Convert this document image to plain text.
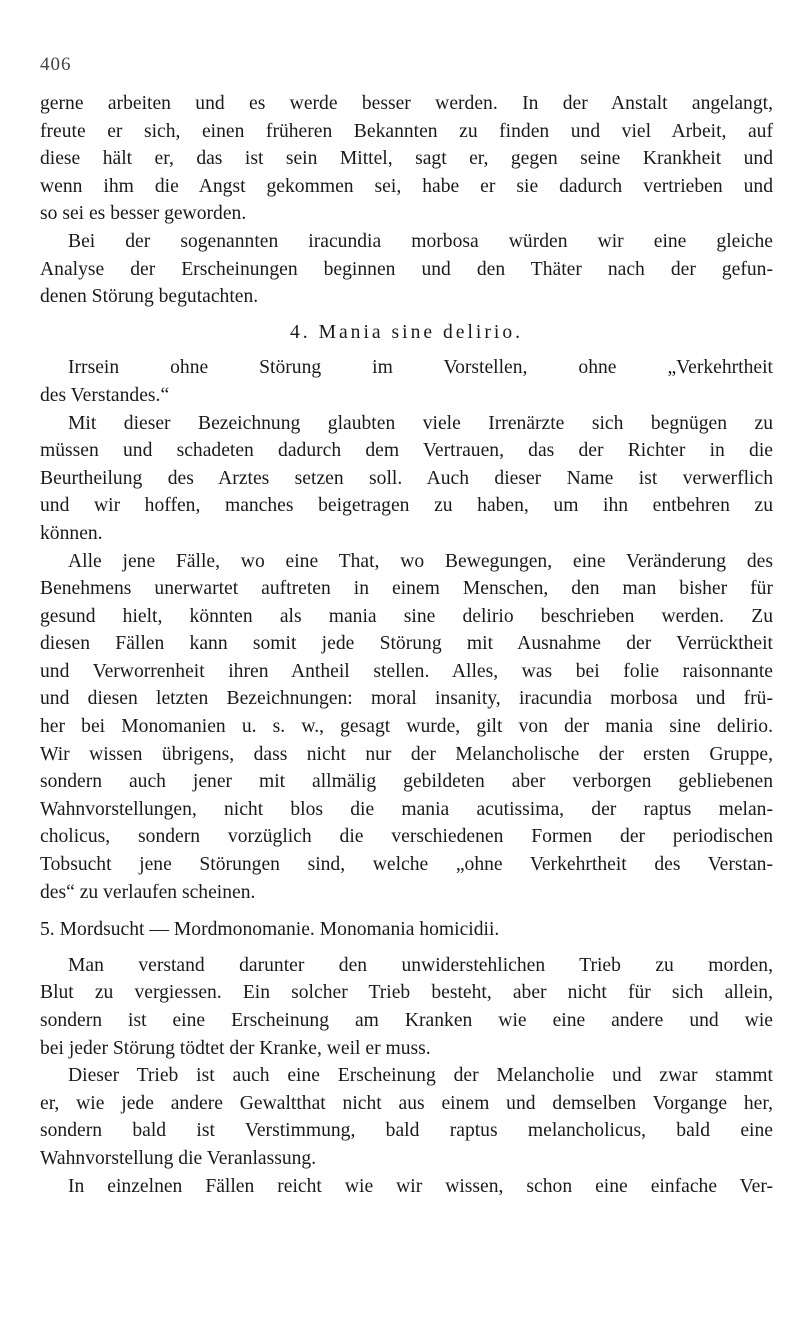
406
gerne arbeiten und es werde besser werden. In der Anstalt angelangt,
freute er sich, einen früheren Bekannten zu finden und viel Arbeit, auf
diese hält er, das ist sein Mittel, sagt er, gegen seine Krankheit und
wenn ihm die Angst gekommen sei, habe er sie dadurch vertrieben und
so sei es besser geworden.
Bei der sogenannten iracundia morbosa würden wir eine gleiche
Analyse der Erscheinungen beginnen und den Thäter nach der gefun-
denen Störung begutachten.
4. Mania sine delirio.
Irrsein ohne Störung im Vorstellen, ohne „Verkehrtheit
des Verstandes.“
Mit dieser Bezeichnung glaubten viele Irrenärzte sich begnügen zu
müssen und schadeten dadurch dem Vertrauen, das der Richter in die
Beurtheilung des Arztes setzen soll. Auch dieser Name ist verwerflich
und wir hoffen, manches beigetragen zu haben, um ihn entbehren zu
können.
Alle jene Fälle, wo eine That, wo Bewegungen, eine Veränderung des
Benehmens unerwartet auftreten in einem Menschen, den man bisher für
gesund hielt, könnten als mania sine delirio beschrieben werden. Zu
diesen Fällen kann somit jede Störung mit Ausnahme der Verrücktheit
und Verworrenheit ihren Antheil stellen. Alles, was bei folie raisonnante
und diesen letzten Bezeichnungen: moral insanity, iracundia morbosa und frü-
her bei Monomanien u. s. w., gesagt wurde, gilt von der mania sine delirio.
Wir wissen übrigens, dass nicht nur der Melancholische der ersten Gruppe,
sondern auch jener mit allmälig gebildeten aber verborgen gebliebenen
Wahnvorstellungen, nicht blos die mania acutissima, der raptus melan-
cholicus, sondern vorzüglich die verschiedenen Formen der periodischen
Tobsucht jene Störungen sind, welche „ohne Verkehrtheit des Verstan-
des“ zu verlaufen scheinen.
5. Mordsucht — Mordmonomanie. Monomania homicidii.
Man verstand darunter den unwiderstehlichen Trieb zu morden,
Blut zu vergiessen. Ein solcher Trieb besteht, aber nicht für sich allein,
sondern ist eine Erscheinung am Kranken wie eine andere und wie
bei jeder Störung tödtet der Kranke, weil er muss.
Dieser Trieb ist auch eine Erscheinung der Melancholie und zwar stammt
er, wie jede andere Gewaltthat nicht aus einem und demselben Vorgange her,
sondern bald ist Verstimmung, bald raptus melancholicus, bald eine
Wahnvorstellung die Veranlassung.
In einzelnen Fällen reicht wie wir wissen, schon eine einfache Ver-
